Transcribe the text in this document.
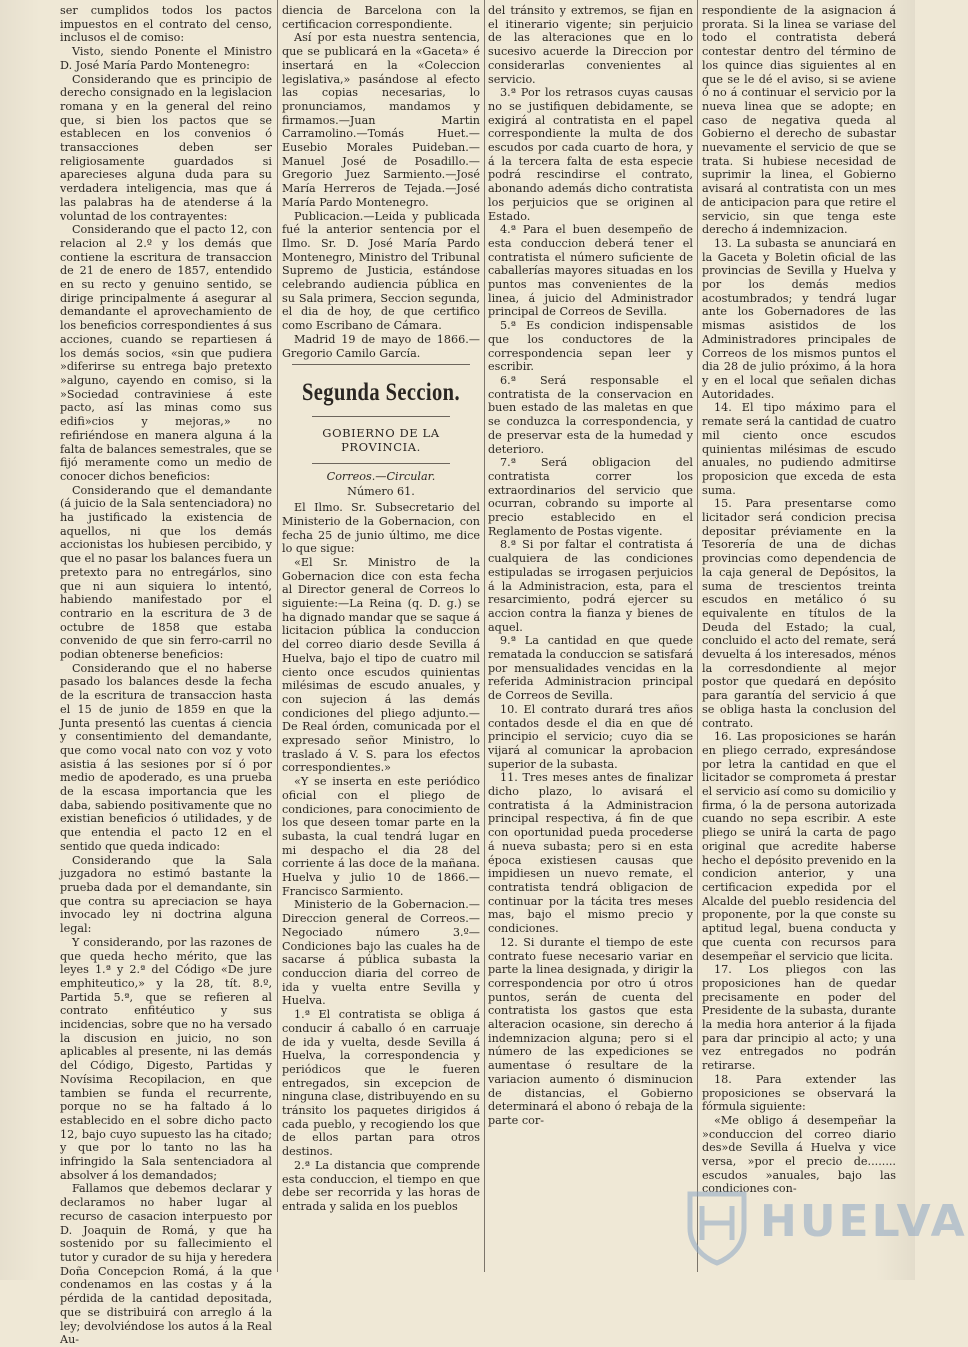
ser cumplidos todos los pactos impuestos en el contrato del censo, inclusos el de comiso:

Visto, siendo Ponente el Ministro D. José María Pardo Montenegro:

Considerando que es principio de derecho consignado en la legislacion romana y en la general del reino que, si bien los pactos que se establecen en los convenios ó transacciones deben ser religiosamente guardados si aparecieses alguna duda para su verdadera inteligencia, mas que á las palabras ha de atenderse á la voluntad de los contrayentes:

Considerando que el pacto 12, con relacion al 2.º y los demás que contiene la escritura de transaccion de 21 de enero de 1857, entendido en su recto y genuino sentido, se dirige principalmente á asegurar al demandante el aprovechamiento de los beneficios correspondientes á sus acciones, cuando se repartiesen á los demás socios, «sin que pudiera »diferirse su entrega bajo pretexto »alguno, cayendo en comiso, si la »Sociedad contraviniese á este pacto, así las minas como sus edifi»cios y mejoras,» no refiriéndose en manera alguna á la falta de balances semestrales, que se fijó meramente como un medio de conocer dichos beneficios:

Considerando que el demandante (á juicio de la Sala sentenciadora) no ha justificado la existencia de aquellos, ni que los demás accionistas los hubiesen percibido, y que el no pasar los balances fuera un pretexto para no entregárlos, sino que ni aun siquiera lo intentó, habiendo manifestado por el contrario en la escritura de 3 de octubre de 1858 que estaba convenido de que sin ferro-carril no podian obtenerse beneficios:

Considerando que el no haberse pasado los balances desde la fecha de la escritura de transaccion hasta el 15 de junio de 1859 en que la Junta presentó las cuentas á ciencia y consentimiento del demandante, que como vocal nato con voz y voto asistia á las sesiones por sí ó por medio de apoderado, es una prueba de la escasa importancia que les daba, sabiendo positivamente que no existian beneficios ó utilidades, y de que entendia el pacto 12 en el sentido que queda indicado:

Considerando que la Sala juzgadora no estimó bastante la prueba dada por el demandante, sin que contra su apreciacion se haya invocado ley ni doctrina alguna legal:

Y considerando, por las razones de que queda hecho mérito, que las leyes 1.ª y 2.ª del Código «De jure emphiteutico,» y la 28, tít. 8.º, Partida 5.ª, que se refieren al contrato enfitéutico y sus incidencias, sobre que no ha versado la discusion en juicio, no son aplicables al presente, ni las demás del Código, Digesto, Partidas y Novísima Recopilacion, en que tambien se funda el recurrente, porque no se ha faltado á lo establecido en el sobre dicho pacto 12, bajo cuyo supuesto las ha citado; y que por lo tanto no las ha infringido la Sala sentenciadora al absolver á los demandados;

Fallamos que debemos declarar y declaramos no haber lugar al recurso de casacion interpuesto por D. Joaquin de Romá, y que ha sostenido por su fallecimiento el tutor y curador de su hija y heredera Doña Concepcion Romá, á la que condenamos en las costas y á la pérdida de la cantidad depositada, que se distribuirá con arreglo á la ley; devolviéndose los autos á la Real Au-

diencia de Barcelona con la certificacion correspondiente.

Así por esta nuestra sentencia, que se publicará en la «Gaceta» é insertará en la «Coleccion legislativa,» pasándose al efecto las copias necesarias, lo pronunciamos, mandamos y firmamos.—Juan Martin Carramolino.—Tomás Huet.—Eusebio Morales Puideban.—Manuel José de Posadillo.—Gregorio Juez Sarmiento.—José María Herreros de Tejada.—José María Pardo Montenegro.

Publicacion.—Leida y publicada fué la anterior sentencia por el Ilmo. Sr. D. José María Pardo Montenegro, Ministro del Tribunal Supremo de Justicia, estándose celebrando audiencia pública en su Sala primera, Seccion segunda, el dia de hoy, de que certifico como Escribano de Cámara.

Madrid 19 de mayo de 1866.— Gregorio Camilo García.

Segunda Seccion.
GOBIERNO DE LA PROVINCIA.
Correos.—Circular.
Número 61.

El Ilmo. Sr. Subsecretario del Ministerio de la Gobernacion, con fecha 25 de junio último, me dice lo que sigue:

«El Sr. Ministro de la Gobernacion dice con esta fecha al Director general de Correos lo siguiente:—La Reina (q. D. g.) se ha dignado mandar que se saque á licitacion pública la conduccion del correo diario desde Sevilla á Huelva, bajo el tipo de cuatro mil ciento once escudos quinientas milésimas de escudo anuales, y con sujecion á las demás condiciones del pliego adjunto.—De Real órden, comunicada por el expresado señor Ministro, lo traslado á V. S. para los efectos correspondientes.»

«Y se inserta en este periódico oficial con el pliego de condiciones, para conocimiento de los que deseen tomar parte en la subasta, la cual tendrá lugar en mi despacho el dia 28 del corriente á las doce de la mañana. Huelva y julio 10 de 1866.—Francisco Sarmiento.

Ministerio de la Gobernacion.— Direccion general de Correos.— Negociado número 3.º—Condiciones bajo las cuales ha de sacarse á pública subasta la conduccion diaria del correo de ida y vuelta entre Sevilla y Huelva.

1.ª El contratista se obliga á conducir á caballo ó en carruaje de ida y vuelta, desde Sevilla á Huelva, la correspondencia y periódicos que le fueren entregados, sin excepcion de ninguna clase, distribuyendo en su tránsito los paquetes dirigidos á cada pueblo, y recogiendo los que de ellos partan para otros destinos.

2.ª La distancia que comprende esta conduccion, el tiempo en que debe ser recorrida y las horas de entrada y salida en los pueblos

del tránsito y extremos, se fijan en el itinerario vigente; sin perjuicio de las alteraciones que en lo sucesivo acuerde la Direccion por considerarlas convenientes al servicio.

3.ª Por los retrasos cuyas causas no se justifiquen debidamente, se exigirá al contratista en el papel correspondiente la multa de dos escudos por cada cuarto de hora, y á la tercera falta de esta especie podrá rescindirse el contrato, abonando además dicho contratista los perjuicios que se originen al Estado.

4.ª Para el buen desempeño de esta conduccion deberá tener el contratista el número suficiente de caballerías mayores situadas en los puntos mas convenientes de la linea, á juicio del Administrador principal de Correos de Sevilla.

5.ª Es condicion indispensable que los conductores de la correspondencia sepan leer y escribir.

6.ª Será responsable el contratista de la conservacion en buen estado de las maletas en que se conduzca la correspondencia, y de preservar esta de la humedad y deterioro.

7.ª Será obligacion del contratista correr los extraordinarios del servicio que ocurran, cobrando su importe al precio establecido en el Reglamento de Postas vigente.

8.ª Si por faltar el contratista á cualquiera de las condiciones estipuladas se irrogasen perjuicios á la Administracion, esta, para el resarcimiento, podrá ejercer su accion contra la fianza y bienes de aquel.

9.ª La cantidad en que quede rematada la conduccion se satisfará por mensualidades vencidas en la referida Administracion principal de Correos de Sevilla.

10. El contrato durará tres años contados desde el dia en que dé principio el servicio; cuyo dia se vijará al comunicar la aprobacion superior de la subasta.

11. Tres meses antes de finalizar dicho plazo, lo avisará el contratista á la Administracion principal respectiva, á fin de que con oportunidad pueda procederse á nueva subasta; pero si en esta época existiesen causas que impidiesen un nuevo remate, el contratista tendrá obligacion de continuar por la tácita tres meses mas, bajo el mismo precio y condiciones.

12. Si durante el tiempo de este contrato fuese necesario variar en parte la linea designada, y dirigir la correspondencia por otro ú otros puntos, serán de cuenta del contratista los gastos que esta alteracion ocasione, sin derecho á indemnizacion alguna; pero si el número de las expediciones se aumentase ó resultare de la variacion aumento ó disminucion de distancias, el Gobierno determinará el abono ó rebaja de la parte cor-

respondiente de la asignacion á prorata. Si la linea se variase del todo el contratista deberá contestar dentro del término de los quince dias siguientes al en que se le dé el aviso, si se aviene ó no á continuar el servicio por la nueva linea que se adopte; en caso de negativa queda al Gobierno el derecho de subastar nuevamente el servicio de que se trata. Si hubiese necesidad de suprimir la linea, el Gobierno avisará al contratista con un mes de anticipacion para que retire el servicio, sin que tenga este derecho á indemnizacion.

13. La subasta se anunciará en la Gaceta y Boletin oficial de las provincias de Sevilla y Huelva y por los demás medios acostumbrados; y tendrá lugar ante los Gobernadores de las mismas asistidos de los Administradores principales de Correos de los mismos puntos el dia 28 de julio próximo, á la hora y en el local que señalen dichas Autoridades.

14. El tipo máximo para el remate será la cantidad de cuatro mil ciento once escudos quinientas milésimas de escudo anuales, no pudiendo admitirse proposicion que exceda de esta suma.

15. Para presentarse como licitador será condicion precisa depositar préviamente en la Tesorería de una de dichas provincias como dependencia de la caja general de Depósitos, la suma de trescientos treinta escudos en metálico ó su equivalente en títulos de la Deuda del Estado; la cual, concluido el acto del remate, será devuelta á los interesados, ménos la corresdondiente al mejor postor que quedará en depósito para garantía del servicio á que se obliga hasta la conclusion del contrato.

16. Las proposiciones se harán en pliego cerrado, expresándose por letra la cantidad en que el licitador se comprometa á prestar el servicio así como su domicilio y firma, ó la de persona autorizada cuando no sepa escribir. A este pliego se unirá la carta de pago original que acredite haberse hecho el depósito prevenido en la condicion anterior, y una certificacion expedida por el Alcalde del pueblo residencia del proponente, por la que conste su aptitud legal, buena conducta y que cuenta con recursos para desempeñar el servicio que licita.

17. Los pliegos con las proposiciones han de quedar precisamente en poder del Presidente de la subasta, durante la media hora anterior á la fijada para dar principio al acto; y una vez entregados no podrán retirarse.

18. Para extender las proposiciones se observará la fórmula siguiente:

«Me obligo á desempeñar la »conduccion del correo diario des»de Sevilla á Huelva y vice versa, »por el precio de........ escudos »anuales, bajo las condiciones con-

HUELVA
